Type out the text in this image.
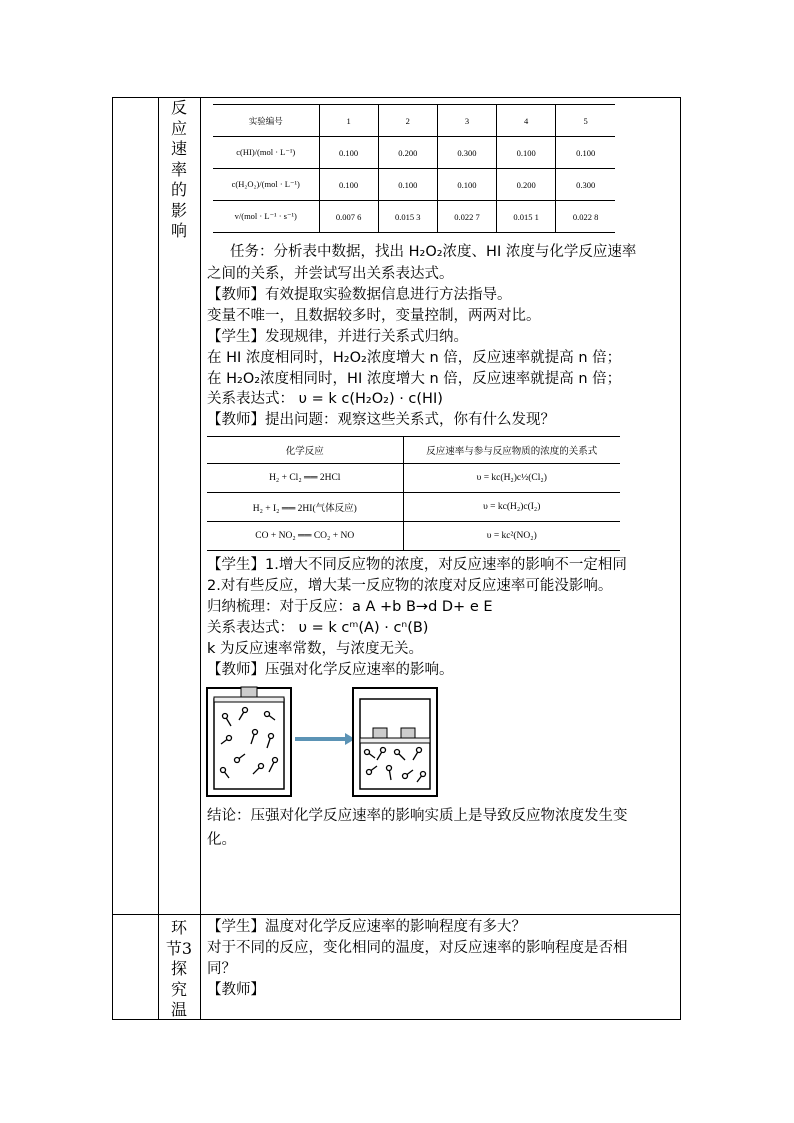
反
应
速
率
的
影
响
实验编号	1	2	3	4	5
c(HI)/(mol · L⁻¹)	0.100	0.200	0.300	0.100	0.100
c(H₂O₂)/(mol · L⁻¹)	0.100	0.100	0.100	0.200	0.300
v/(mol · L⁻¹ · s⁻¹)	0.007 6	0.015 3	0.022 7	0.015 1	0.022 8
任务：分析表中数据，找出 H₂O₂浓度、HI 浓度与化学反应速率
之间的关系，并尝试写出关系表达式。
【教师】有效提取实验数据信息进行方法指导。
变量不唯一，且数据较多时，变量控制，两两对比。
【学生】发现规律，并进行关系式归纳。
在 HI 浓度相同时，H₂O₂浓度增大 n 倍，反应速率就提高 n 倍；
在 H₂O₂浓度相同时，HI 浓度增大 n 倍，反应速率就提高 n 倍；
关系表达式： υ = k c(H₂O₂) · c(HI)
【教师】提出问题：观察这些关系式，你有什么发现？
化学反应	反应速率与参与反应物质的浓度的关系式
H₂ + Cl₂ ══ 2HCl	υ = kc(H₂)c½(Cl₂)
H₂ + I₂ ══ 2HI(气体反应)	υ = kc(H₂)c(I₂)
CO + NO₂ ══ CO₂ + NO	υ = kc²(NO₂)
【学生】1.增大不同反应物的浓度，对反应速率的影响不一定相同
2.对有些反应，增大某一反应物的浓度对反应速率可能没影响。
归纳梳理：对于反应：a A +b B→d D+ e E
关系表达式： υ = k cᵐ(A) · cⁿ(B)
k 为反应速率常数，与浓度无关。
【教师】压强对化学反应速率的影响。
结论：压强对化学反应速率的影响实质上是导致反应物浓度发生变
化。
环
节3
探
究
温
【学生】温度对化学反应速率的影响程度有多大？
对于不同的反应，变化相同的温度，对反应速率的影响程度是否相
同？
【教师】
